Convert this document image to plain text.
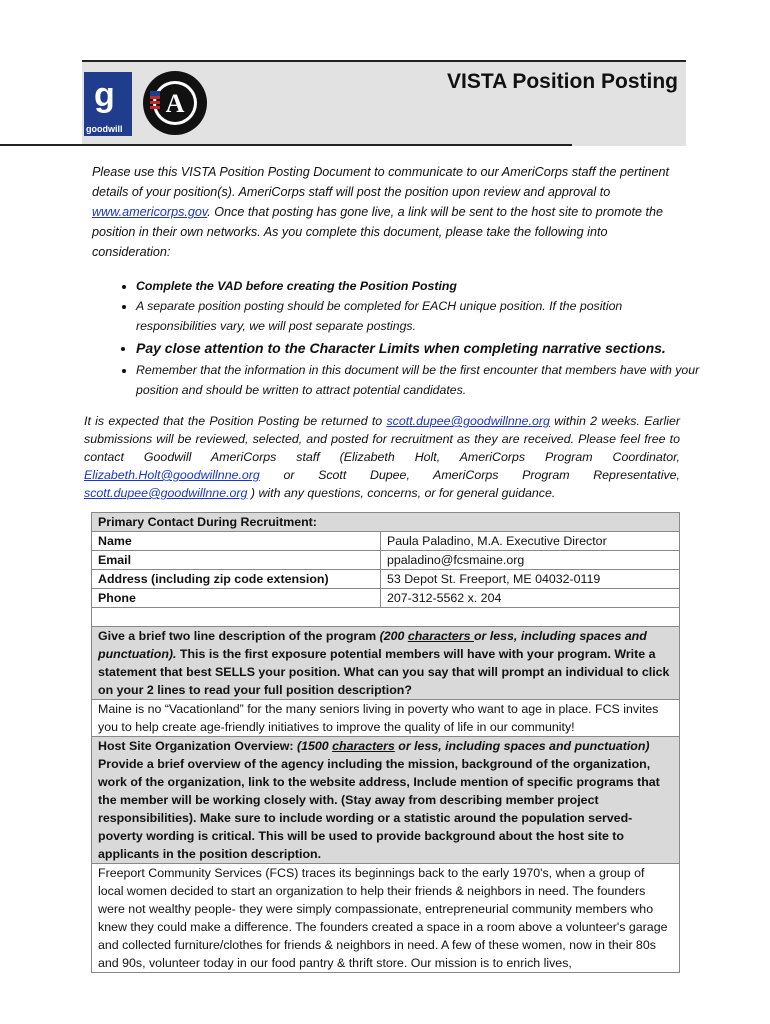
g
goodwill
A
VISTA Position Posting
Please use this VISTA Position Posting Document to communicate to our AmeriCorps staff the pertinent details of your position(s). AmeriCorps staff will post the position upon review and approval to www.americorps.gov. Once that posting has gone live, a link will be sent to the host site to promote the position in their own networks. As you complete this document, please take the following into consideration:
• Complete the VAD before creating the Position Posting
• A separate position posting should be completed for EACH unique position. If the position responsibilities vary, we will post separate postings.
• Pay close attention to the Character Limits when completing narrative sections.
• Remember that the information in this document will be the first encounter that members have with your position and should be written to attract potential candidates.
It is expected that the Position Posting be returned to scott.dupee@goodwillnne.org within 2 weeks. Earlier submissions will be reviewed, selected, and posted for recruitment as they are received. Please feel free to contact Goodwill AmeriCorps staff (Elizabeth Holt, AmeriCorps Program Coordinator, Elizabeth.Holt@goodwillnne.org or Scott Dupee, AmeriCorps Program Representative, scott.dupee@goodwillnne.org ) with any questions, concerns, or for general guidance.
Primary Contact During Recruitment:	
Name	Paula Paladino, M.A. Executive Director
Email	ppaladino@fcsmaine.org
Address (including zip code extension)	53 Depot St. Freeport, ME 04032-0119
Phone	207-312-5562 x. 204

Give a brief two line description of the program (200 characters or less, including spaces and punctuation). This is the first exposure potential members will have with your program. Write a statement that best SELLS your position. What can you say that will prompt an individual to click on your 2 lines to read your full position description?	
Maine is no “Vacationland” for the many seniors living in poverty who want to age in place. FCS invites you to help create age-friendly initiatives to improve the quality of life in our community!	
Host Site Organization Overview: (1500 characters or less, including spaces and punctuation) Provide a brief overview of the agency including the mission, background of the organization, work of the organization, link to the website address, Include mention of specific programs that the member will be working closely with. (Stay away from describing member project responsibilities). Make sure to include wording or a statistic around the population served-poverty wording is critical. This will be used to provide background about the host site to applicants in the position description.	
Freeport Community Services (FCS) traces its beginnings back to the early 1970's, when a group of local women decided to start an organization to help their friends & neighbors in need. The founders were not wealthy people- they were simply compassionate, entrepreneurial community members who knew they could make a difference. The founders created a space in a room above a volunteer's garage and collected furniture/clothes for friends & neighbors in need. A few of these women, now in their 80s and 90s, volunteer today in our food pantry & thrift store. Our mission is to enrich lives,	
